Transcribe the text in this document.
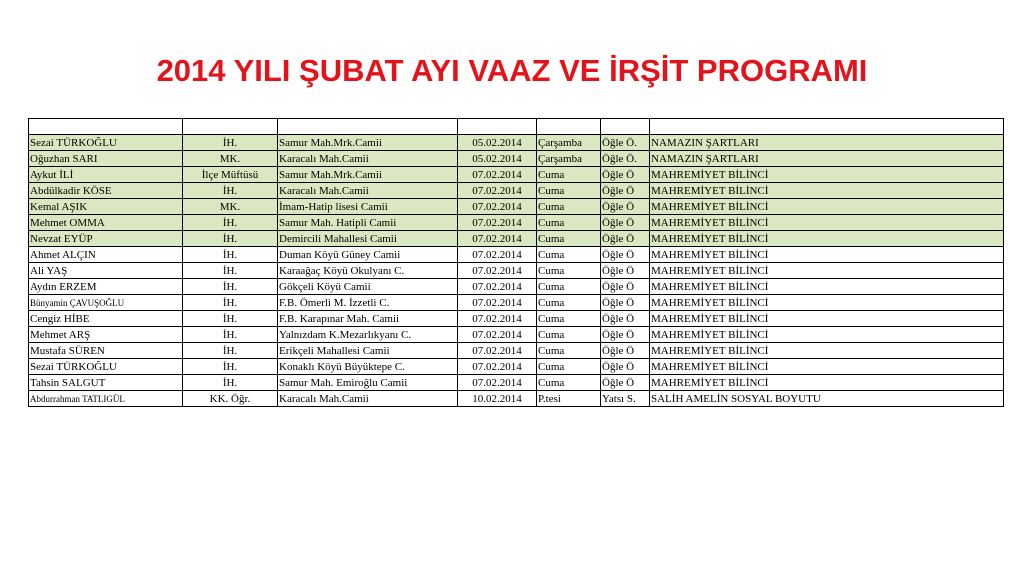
2014 YILI ŞUBAT AYI VAAZ VE İRŞİT PROGRAMI

Sezai TÜRKOĞLU	İH.	Samur Mah.Mrk.Camii	05.02.2014	Çarşamba	Öğle Ö.	NAMAZIN ŞARTLARI
Oğuzhan SARI	MK.	Karacalı Mah.Camii	05.02.2014	Çarşamba	Öğle Ö.	NAMAZIN ŞARTLARI
Aykut İLİ	İlçe Müftüsü	Samur Mah.Mrk.Camii	07.02.2014	Cuma	Öğle Ö	MAHREMİYET BİLİNCİ
Abdülkadir KÖSE	İH.	Karacalı Mah.Camii	07.02.2014	Cuma	Öğle Ö	MAHREMİYET BİLİNCİ
Kemal AŞIK	MK.	İmam-Hatip lisesi Camii	07.02.2014	Cuma	Öğle Ö	MAHREMİYET BİLİNCİ
Mehmet OMMA	İH.	Samur Mah. Hatipli Camii	07.02.2014	Cuma	Öğle Ö	MAHREMİYET BİLİNCİ
Nevzat EYÜP	İH.	Demircili Mahallesi Camii	07.02.2014	Cuma	Öğle Ö	MAHREMİYET BİLİNCİ
Ahmet ALÇIN	İH.	Duman Köyü Güney Camii	07.02.2014	Cuma	Öğle Ö	MAHREMİYET BİLİNCİ
Ali YAŞ	İH.	Karaağaç Köyü Okulyanı C.	07.02.2014	Cuma	Öğle Ö	MAHREMİYET BİLİNCİ
Aydın ERZEM	İH.	Gökçeli Köyü Camii	07.02.2014	Cuma	Öğle Ö	MAHREMİYET BİLİNCİ
Bünyamin ÇAVUŞOĞLU	İH.	F.B. Ömerli M. İzzetli C.	07.02.2014	Cuma	Öğle Ö	MAHREMİYET BİLİNCİ
Cengiz HİBE	İH.	F.B. Karapınar Mah. Camii	07.02.2014	Cuma	Öğle Ö	MAHREMİYET BİLİNCİ
Mehmet ARŞ	İH.	Yalnızdam K.Mezarlıkyanı C.	07.02.2014	Cuma	Öğle Ö	MAHREMİYET BİLİNCİ
Mustafa SÜREN	İH.	Erikçeli Mahallesi Camii	07.02.2014	Cuma	Öğle Ö	MAHREMİYET BİLİNCİ
Sezai TÜRKOĞLU	İH.	Konaklı Köyü Büyüktepe C.	07.02.2014	Cuma	Öğle Ö	MAHREMİYET BİLİNCİ
Tahsin SALGUT	İH.	Samur Mah. Emiroğlu Camii	07.02.2014	Cuma	Öğle Ö	MAHREMİYET BİLİNCİ
Abdurrahman TATLIGÜL	KK. Öğr.	Karacalı Mah.Camii	10.02.2014	P.tesi	Yatsı S.	SALİH AMELİN SOSYAL BOYUTU
